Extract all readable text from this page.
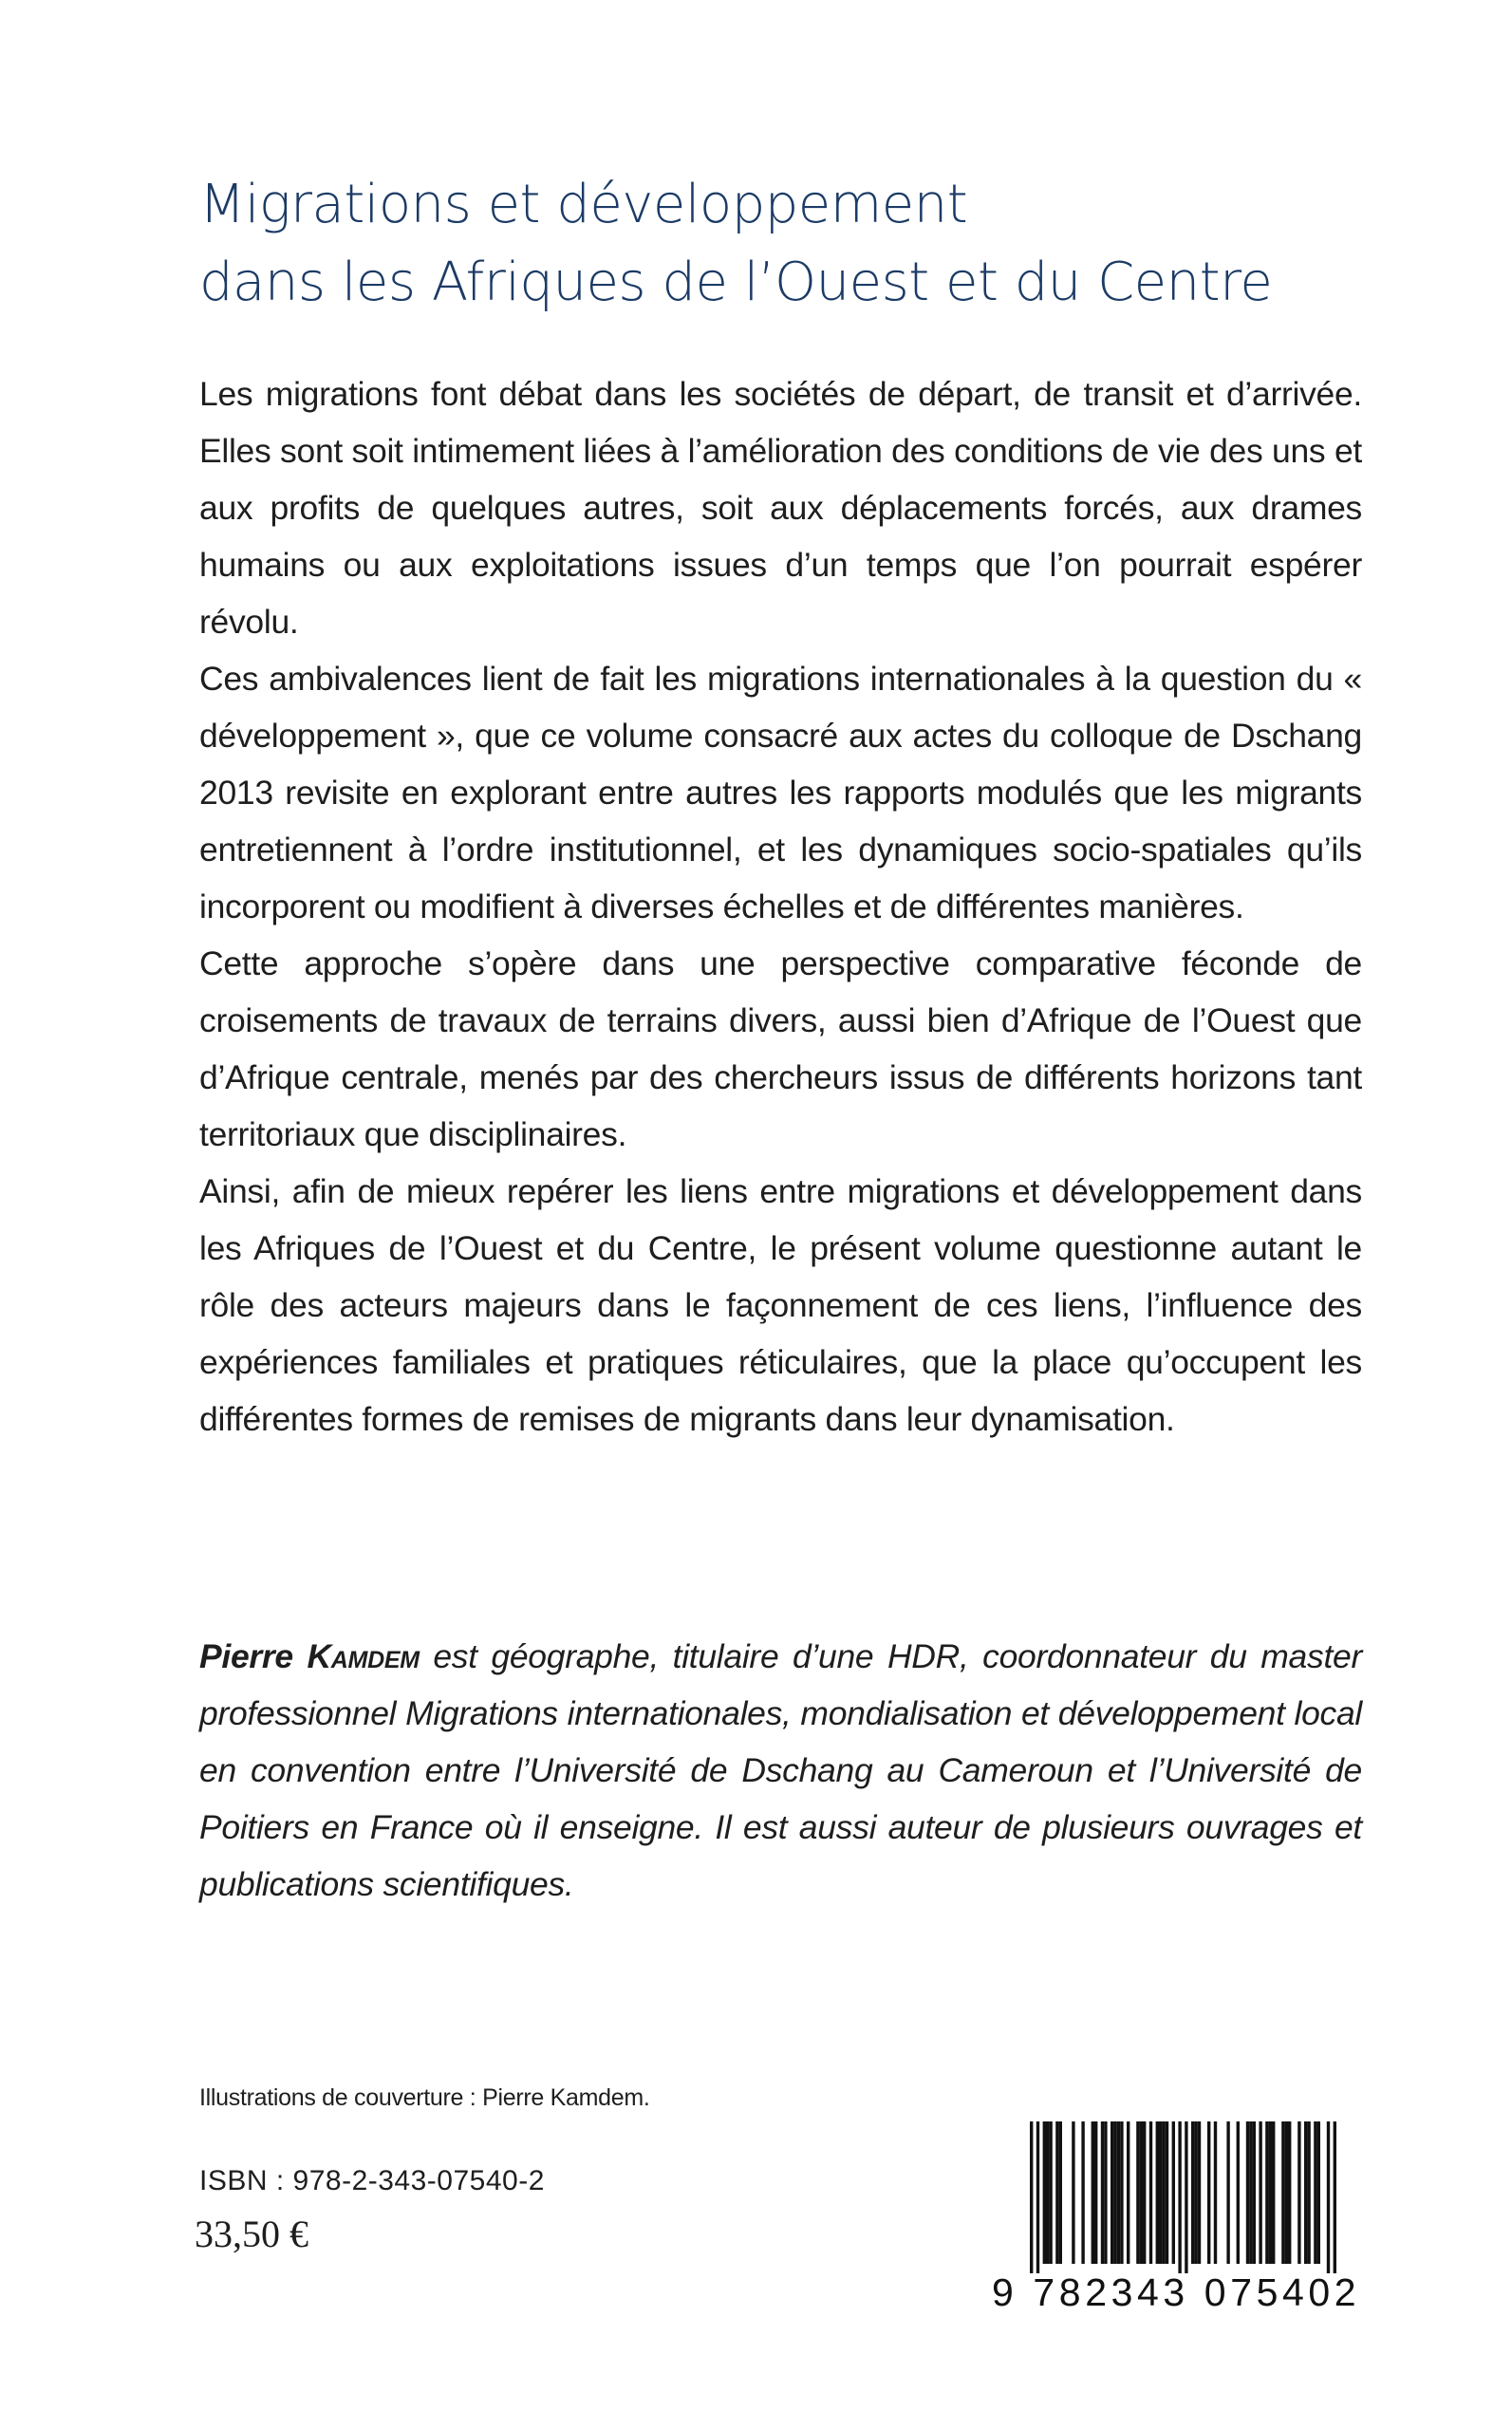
Migrations et développement
dans les Afriques de l’Ouest et du Centre

Les migrations font débat dans les sociétés de départ, de transit et d’arrivée. Elles sont soit intimement liées à l’amélioration des conditions de vie des uns et aux profits de quelques autres, soit aux déplacements forcés, aux drames humains ou aux exploitations issues d’un temps que l’on pourrait espérer révolu.

Ces ambivalences lient de fait les migrations internationales à la question du « développement », que ce volume consacré aux actes du colloque de Dschang 2013 revisite en explorant entre autres les rapports modulés que les migrants entretiennent à l’ordre institutionnel, et les dynamiques socio-spatiales qu’ils incorporent ou modifient à diverses échelles et de différentes manières.

Cette approche s’opère dans une perspective comparative féconde de croisements de travaux de terrains divers, aussi bien d’Afrique de l’Ouest que d’Afrique centrale, menés par des chercheurs issus de différents horizons tant territoriaux que disciplinaires.

Ainsi, afin de mieux repérer les liens entre migrations et développement dans les Afriques de l’Ouest et du Centre, le présent volume questionne autant le rôle des acteurs majeurs dans le façonnement de ces liens, l’influence des expériences familiales et pratiques réticulaires, que la place qu’occupent les différentes formes de remises de migrants dans leur dynamisation.

Pierre Kamdem est géographe, titulaire d’une HDR, coordonnateur du master professionnel Migrations internationales, mondialisation et développement local en convention entre l’Université de Dschang au Cameroun et l’Université de Poitiers en France où il enseigne. Il est aussi auteur de plusieurs ouvrages et publications scientifiques.

Illustrations de couverture : Pierre Kamdem.
ISBN : 978-2-343-07540-2
33,50 €
9 782343 075402
